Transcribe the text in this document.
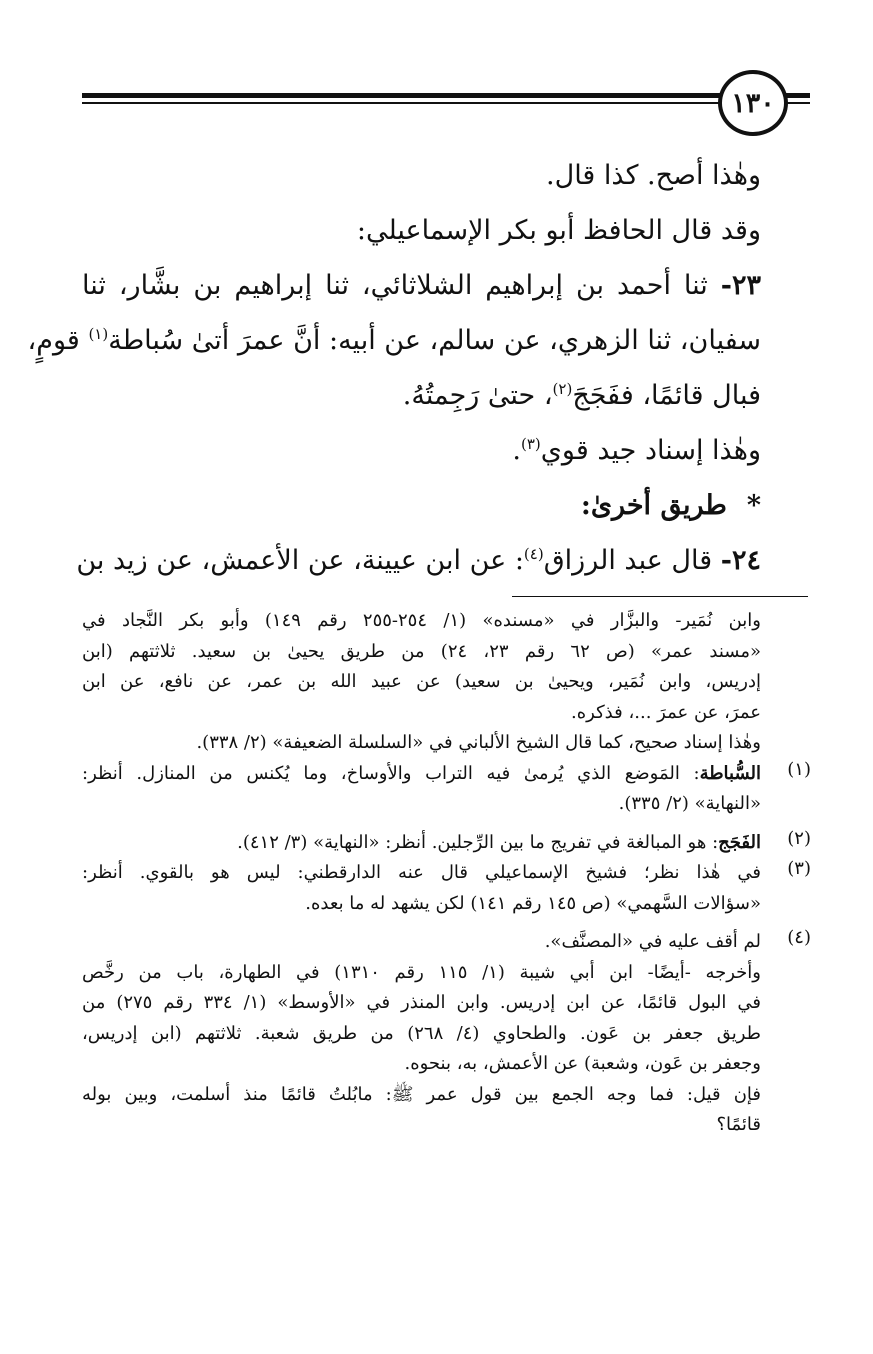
١٣٠
وهٰذا أصح. كذا قال.
وقد قال الحافظ أبو بكر الإسماعيلي:
٢٣- ثنا أحمد بن إبراهيم الشلاثائي، ثنا إبراهيم بن بشَّار، ثنا
سفيان، ثنا الزهري، عن سالم، عن أبيه: أنَّ عمرَ أتىٰ سُباطة$^{(١)}$ قومٍ،
فبال قائمًا، ففَجَجَ$^{(٢)}$، حتىٰ رَجِمتُهُ.
وهٰذا إسناد جيد قوي$^{(٣)}$.
*طريق أخرىٰ:
٢٤- قال عبد الرزاق$^{(٤)}$: عن ابن عيينة، عن الأعمش، عن زيد بن
وابن نُمَير- والبزَّار في «مسنده» (١/ ٢٥٤-٢٥٥ رقم ١٤٩) وأبو بكر النَّجاد في
«مسند عمر» (ص ٦٢ رقم ٢٣، ٢٤) من طريق يحيىٰ بن سعيد. ثلاثتهم (ابن
إدريس، وابن نُمَير، ويحيىٰ بن سعيد) عن عبيد الله بن عمر، عن نافع، عن ابن
عمرَ، عن عمرَ ...، فذكره.
وهٰذا إسناد صحيح، كما قال الشيخ الألباني في «السلسلة الضعيفة» (٢/ ٣٣٨).
(١)
السُّباطة: المَوضع الذي يُرمىٰ فيه التراب والأوساخ، وما يُكنس من المنازل. أنظر:
«النهاية» (٢/ ٣٣٥).
(٢)
الفَجَج: هو المبالغة في تفريج ما بين الرِّجلين. أنظر: «النهاية» (٣/ ٤١٢).
(٣)
في هٰذا نظر؛ فشيخ الإسماعيلي قال عنه الدارقطني: ليس هو بالقوي. أنظر:
«سؤالات السَّهمي» (ص ١٤٥ رقم ١٤١) لكن يشهد له ما بعده.
(٤)
لم أقف عليه في «المصنَّف».
وأخرجه -أيضًا- ابن أبي شيبة (١/ ١١٥ رقم ١٣١٠) في الطهارة، باب من رخَّص
في البول قائمًا، عن ابن إدريس. وابن المنذر في «الأوسط» (١/ ٣٣٤ رقم ٢٧٥) من
طريق جعفر بن عَون. والطحاوي (٤/ ٢٦٨) من طريق شعبة. ثلاثتهم (ابن إدريس،
وجعفر بن عَون، وشعبة) عن الأعمش، به، بنحوه.
فإن قيل: فما وجه الجمع بين قول عمر ﷺ: مابُلتُ قائمًا منذ أسلمت، وبين بوله
قائمًا؟
